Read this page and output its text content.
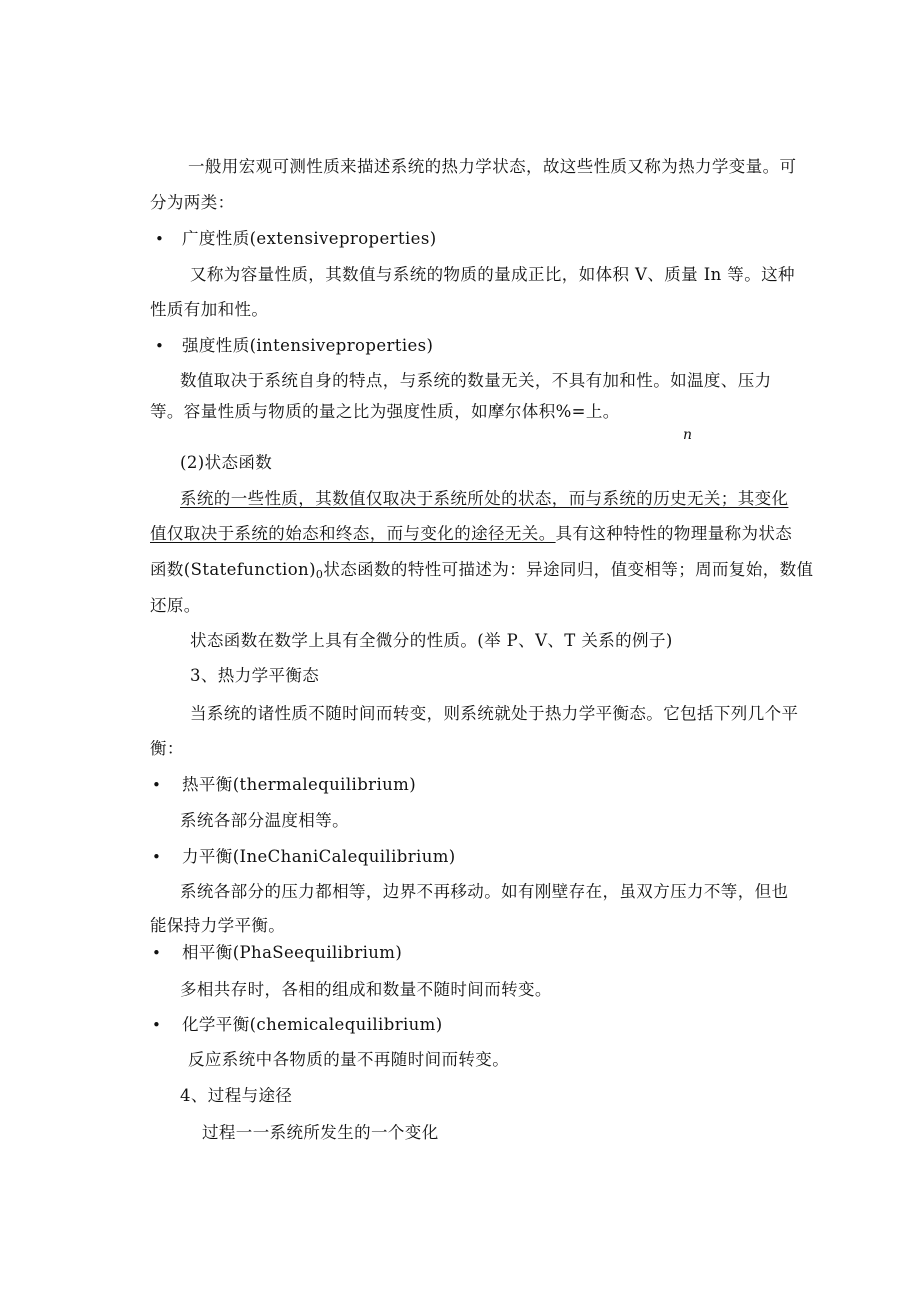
一般用宏观可测性质来描述系统的热力学状态，故这些性质又称为热力学变量。可
分为两类：
• 广度性质(extensiveproperties)
又称为容量性质，其数值与系统的物质的量成正比，如体积 V、质量 In 等。这种
性质有加和性。
• 强度性质(intensiveproperties)
数值取决于系统自身的特点，与系统的数量无关，不具有加和性。如温度、压力
等。容量性质与物质的量之比为强度性质，如摩尔体积%=上。
n
(2)状态函数
系统的一些性质，其数值仅取决于系统所处的状态，而与系统的历史无关；其变化
值仅取决于系统的始态和终态，而与变化的途径无关。具有这种特性的物理量称为状态
函数$(Statefunction)_0$状态函数的特性可描述为：异途同归，值变相等；周而复始，数值
还原。
状态函数在数学上具有全微分的性质。(举 P、V、T 关系的例子)
3、热力学平衡态
当系统的诸性质不随时间而转变，则系统就处于热力学平衡态。它包括下列几个平
衡：
• 热平衡(thermalequilibrium)
系统各部分温度相等。
• 力平衡(IneChaniCalequilibrium)
系统各部分的压力都相等，边界不再移动。如有刚壁存在，虽双方压力不等，但也
能保持力学平衡。
• 相平衡(PhaSeequilibrium)
多相共存时，各相的组成和数量不随时间而转变。
• 化学平衡(chemicalequilibrium)
反应系统中各物质的量不再随时间而转变。
4、过程与途径
过程一一系统所发生的一个变化
